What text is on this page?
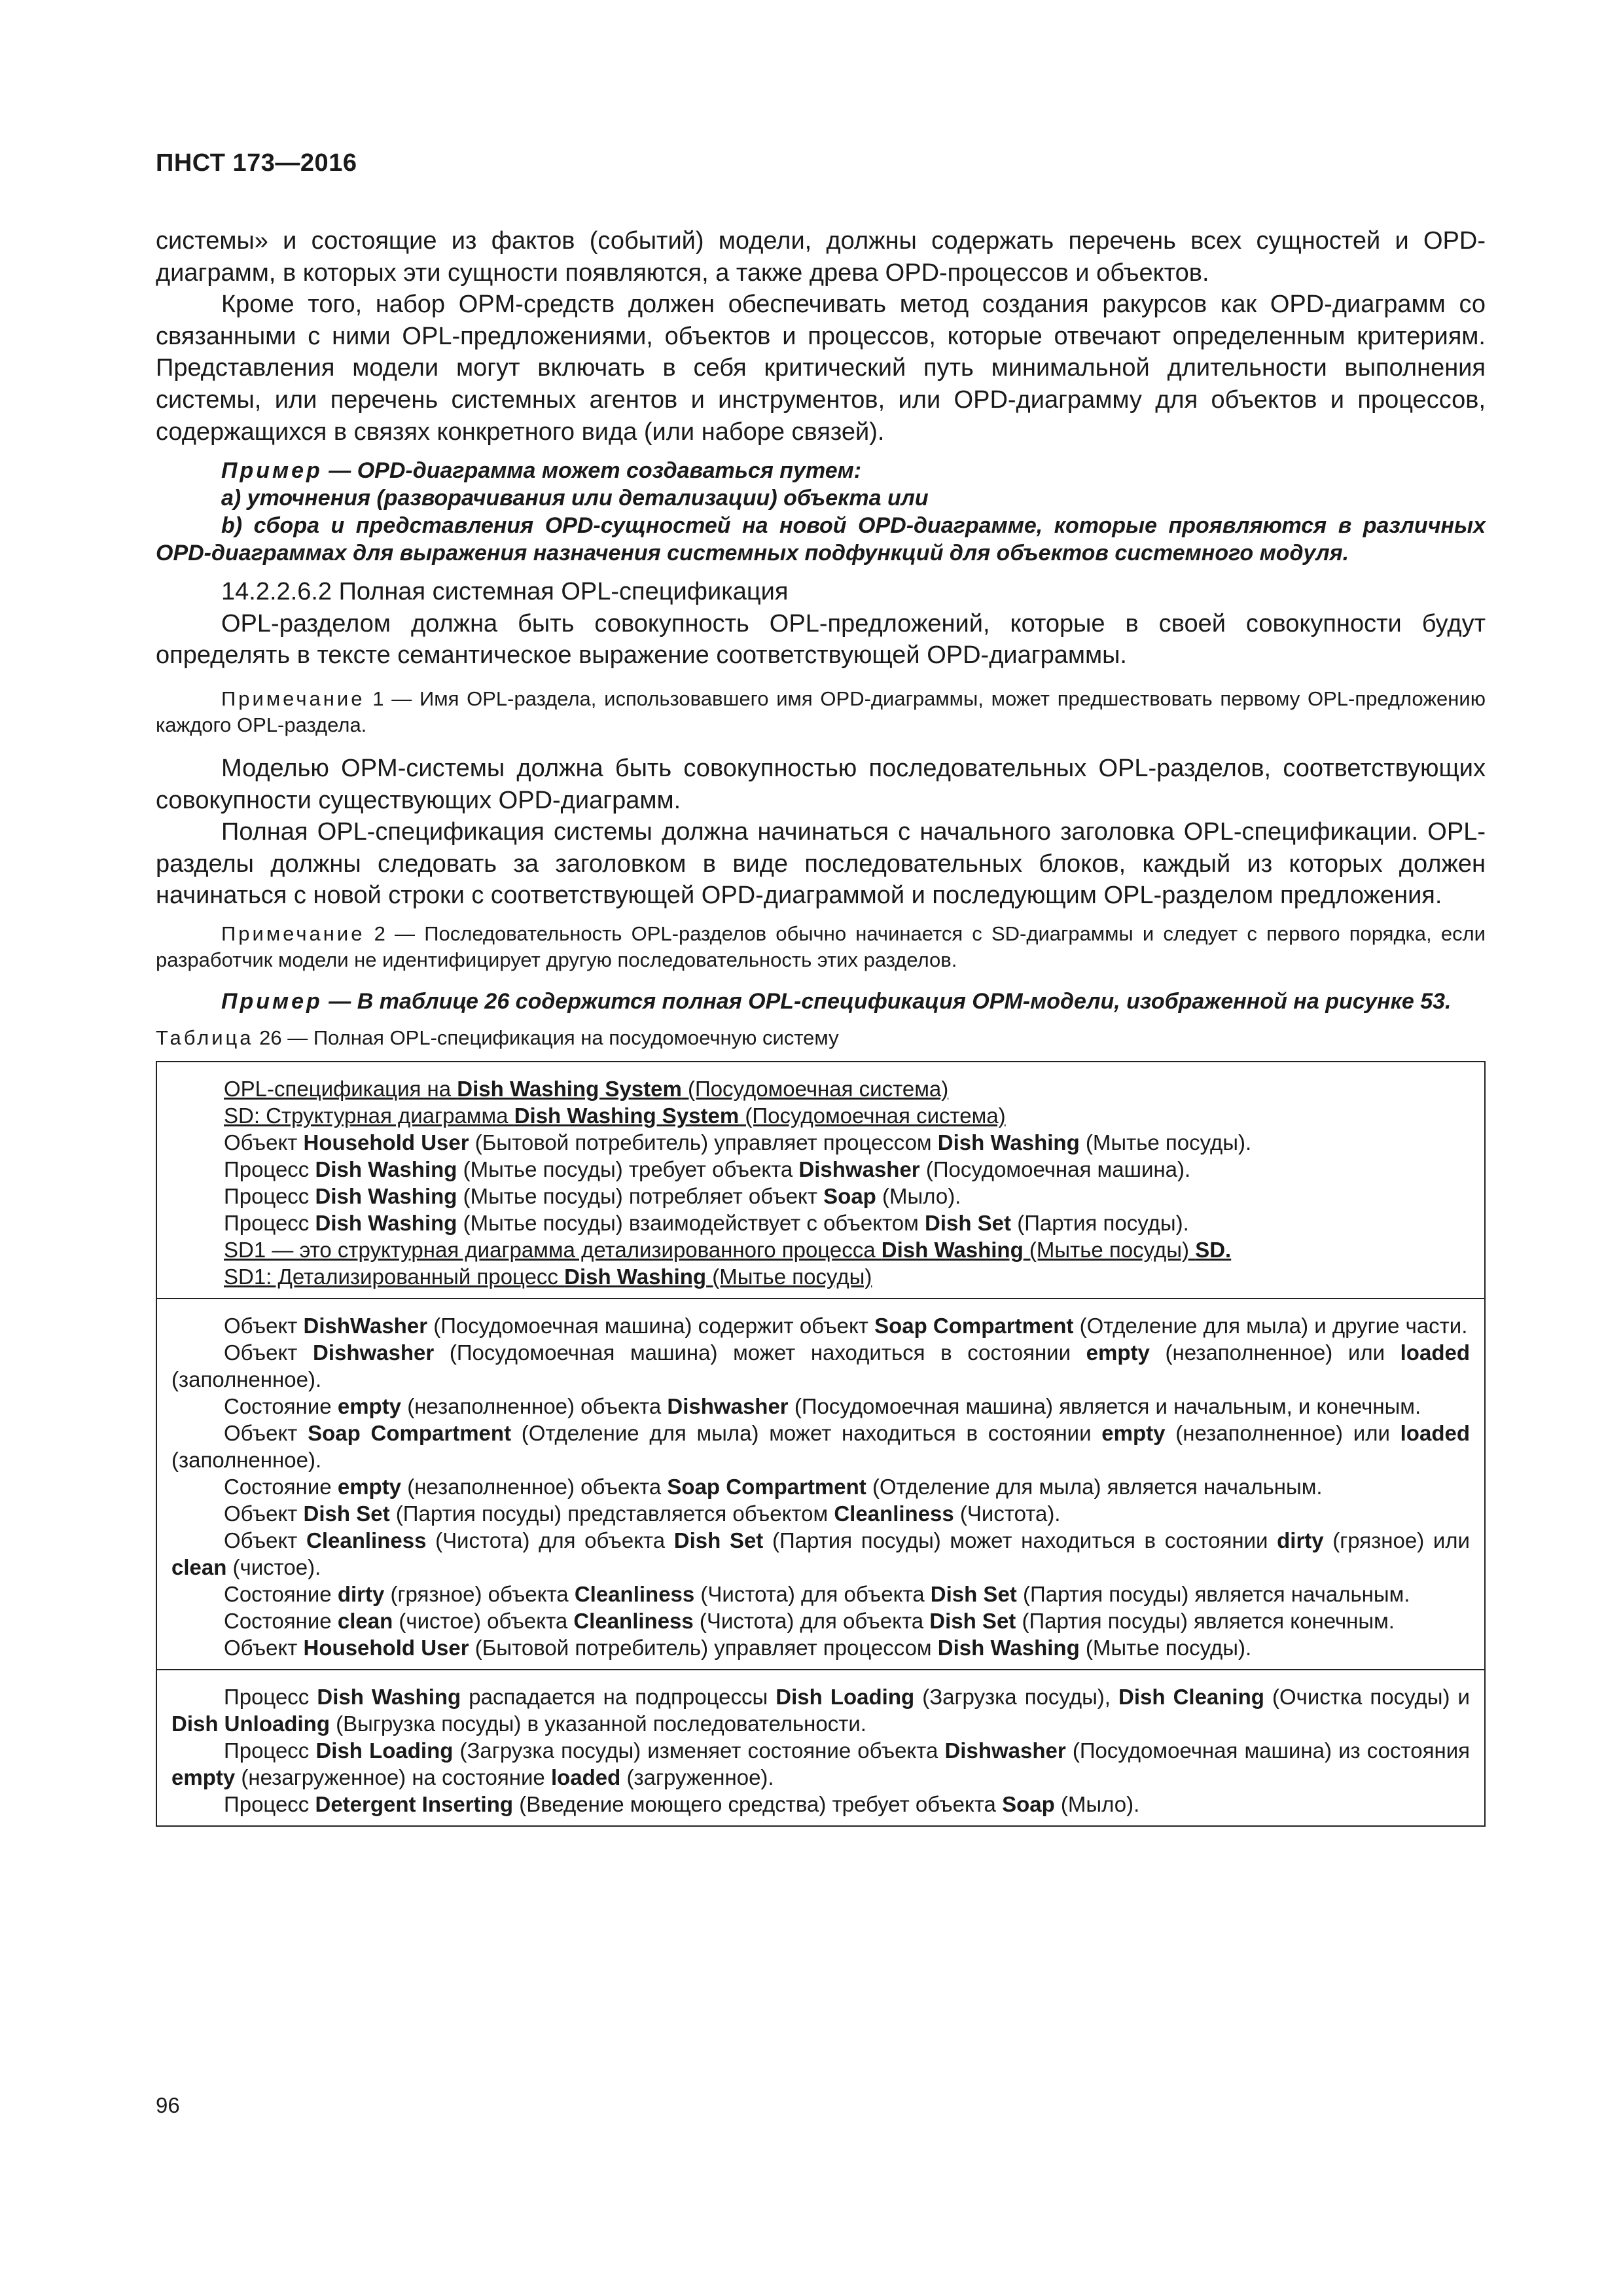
ПНСТ 173—2016

системы» и состоящие из фактов (событий) модели, должны содержать перечень всех сущностей и OPD-диаграмм, в которых эти сущности появляются, а также древа OPD-процессов и объектов.

Кроме того, набор OPM-средств должен обеспечивать метод создания ракурсов как OPD-диаграмм со связанными с ними OPL-предложениями, объектов и процессов, которые отвечают определенным критериям. Представления модели могут включать в себя критический путь минимальной длительности выполнения системы, или перечень системных агентов и инструментов, или OPD-диаграмму для объектов и процессов, содержащихся в связях конкретного вида (или наборе связей).

Пример — OPD-диаграмма может создаваться путем:
a) уточнения (разворачивания или детализации) объекта или
b) сбора и представления OPD-сущностей на новой OPD-диаграмме, которые проявляются в различных OPD-диаграммах для выражения назначения системных подфункций для объектов системного модуля.

14.2.2.6.2 Полная системная OPL-спецификация

OPL-разделом должна быть совокупность OPL-предложений, которые в своей совокупности будут определять в тексте семантическое выражение соответствующей OPD-диаграммы.

Примечание 1 — Имя OPL-раздела, использовавшего имя OPD-диаграммы, может предшествовать первому OPL-предложению каждого OPL-раздела.

Моделью OPM-системы должна быть совокупностью последовательных OPL-разделов, соответствующих совокупности существующих OPD-диаграмм.

Полная OPL-спецификация системы должна начинаться с начального заголовка OPL-спецификации. OPL-разделы должны следовать за заголовком в виде последовательных блоков, каждый из которых должен начинаться с новой строки с соответствующей OPD-диаграммой и последующим OPL-разделом предложения.

Примечание 2 — Последовательность OPL-разделов обычно начинается с SD-диаграммы и следует с первого порядка, если разработчик модели не идентифицирует другую последовательность этих разделов.
Пример — В таблице 26 содержится полная OPL-спецификация OPM-модели, изображенной на рисунке 53.
Таблица 26 — Полная OPL-спецификация на посудомоечную систему
OPL-спецификация на Dish Washing System (Посудомоечная система)
SD: Структурная диаграмма Dish Washing System (Посудомоечная система)
Объект Household User (Бытовой потребитель) управляет процессом Dish Washing (Мытье посуды).
Процесс Dish Washing (Мытье посуды) требует объекта Dishwasher (Посудомоечная машина).
Процесс Dish Washing (Мытье посуды) потребляет объект Soap (Мыло).
Процесс Dish Washing (Мытье посуды) взаимодействует с объектом Dish Set (Партия посуды).
SD1 — это структурная диаграмма детализированного процесса Dish Washing (Мытье посуды) SD.
SD1: Детализированный процесс Dish Washing (Мытье посуды)
Объект DishWasher (Посудомоечная машина) содержит объект Soap Compartment (Отделение для мыла) и другие части.
Объект Dishwasher (Посудомоечная машина) может находиться в состоянии empty (незаполненное) или loaded (заполненное).
Состояние empty (незаполненное) объекта Dishwasher (Посудомоечная машина) является и начальным, и конечным.
Объект Soap Compartment (Отделение для мыла) может находиться в состоянии empty (незаполненное) или loaded (заполненное).
Состояние empty (незаполненное) объекта Soap Compartment (Отделение для мыла) является начальным.
Объект Dish Set (Партия посуды) представляется объектом Cleanliness (Чистота).
Объект Cleanliness (Чистота) для объекта Dish Set (Партия посуды) может находиться в состоянии dirty (грязное) или clean (чистое).
Состояние dirty (грязное) объекта Cleanliness (Чистота) для объекта Dish Set (Партия посуды) является начальным.
Состояние clean (чистое) объекта Cleanliness (Чистота) для объекта Dish Set (Партия посуды) является конечным.
Объект Household User (Бытовой потребитель) управляет процессом Dish Washing (Мытье посуды).
Процесс Dish Washing распадается на подпроцессы Dish Loading (Загрузка посуды), Dish Cleaning (Очистка посуды) и Dish Unloading (Выгрузка посуды) в указанной последовательности.
Процесс Dish Loading (Загрузка посуды) изменяет состояние объекта Dishwasher (Посудомоечная машина) из состояния empty (незагруженное) на состояние loaded (загруженное).
Процесс Detergent Inserting (Введение моющего средства) требует объекта Soap (Мыло).
96
